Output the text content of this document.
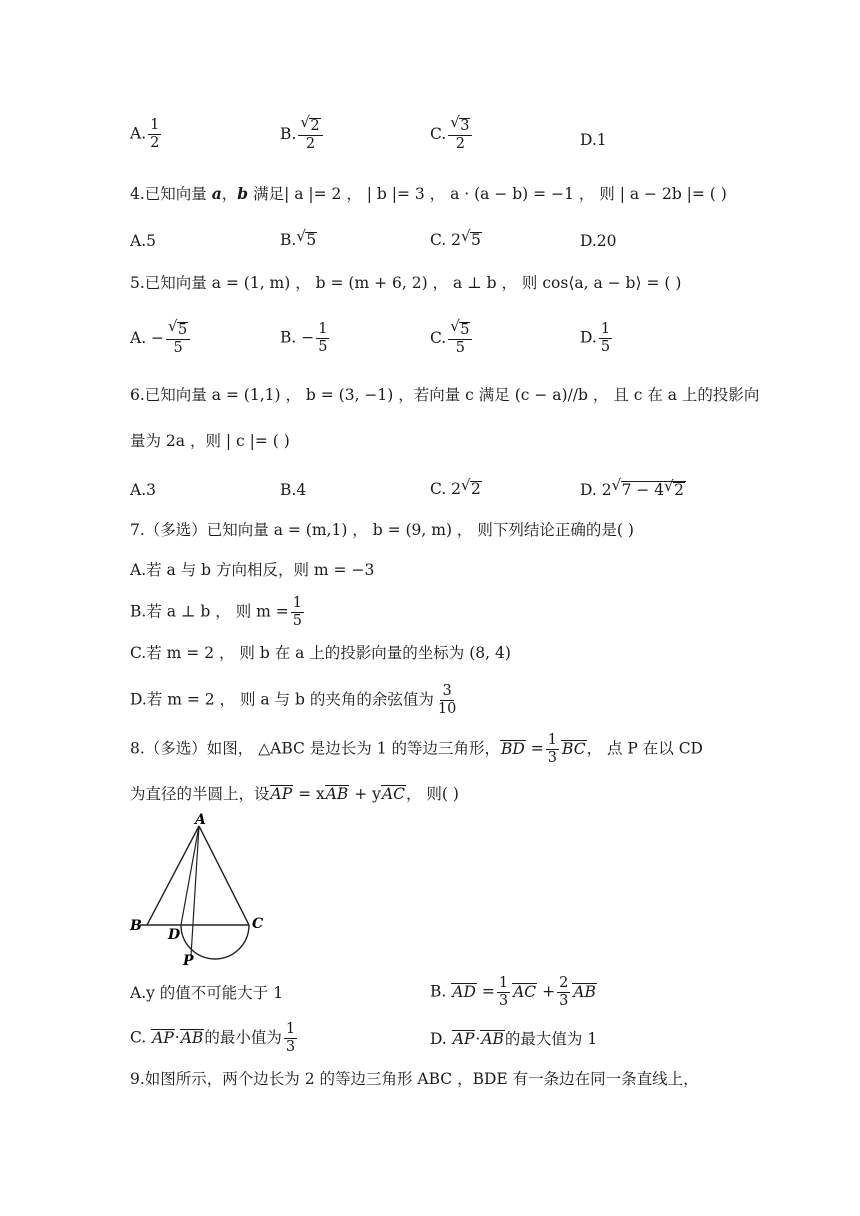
A. $\frac{1}{2}$	B. √ $\frac{2}{2}$	C. √ $\frac{3}{2}$	D.1
4.已知向量 a，b 满足| a |= 2 ， | b |= 3 ， a · (a − b) = −1 ， 则 | a − 2b |= ( )
A.5	B. √ 5	C. 2 √ 5	D.20
5.已知向量 a = (1, m) ， b = (m + 6, 2) ， a ⊥ b ， 则 cos⟨a, a − b⟩ = ( )
A. − √ $\frac{5}{5}$	B. − $\frac{1}{5}$	C. √ $\frac{5}{5}$	D. $\frac{1}{5}$
6.已知向量 a = (1,1) ， b = (3, −1) ，若向量 c 满足 (c − a)//b ， 且 c 在 a 上的投影向
量为 2a ，则 | c |= ( )
A.3	B.4	C. 2 √ 2	D. 2 √ 7 − 4 √ 2
7.（多选）已知向量 a = (m,1) ， b = (9, m) ， 则下列结论正确的是( )
A.若 a 与 b 方向相反，则 m = −3
B.若 a ⊥ b ， 则 $m = \frac{1}{5}$
C.若 m = 2 ， 则 b 在 a 上的投影向量的坐标为 (8, 4)
D.若 m = 2 ， 则 a 与 b 的夹角的余弦值为 $\frac{3}{10}$
8.（多选）如图， △ABC 是边长为 1 的等边三角形，BD = $\frac{1}{3}$ BC， 点 P 在以 CD
为直径的半圆上，设AP = xAB + yAC， 则( )
A
B	C
D
P
A.y 的值不可能大于 1	B. AD = $\frac{1}{3}$ AC + $\frac{2}{3}$ AB
C. AP·AB的最小值为 $\frac{1}{3}$	D. AP·AB的最大值为 1
9.如图所示，两个边长为 2 的等边三角形 ABC ，BDE 有一条边在同一条直线上，
